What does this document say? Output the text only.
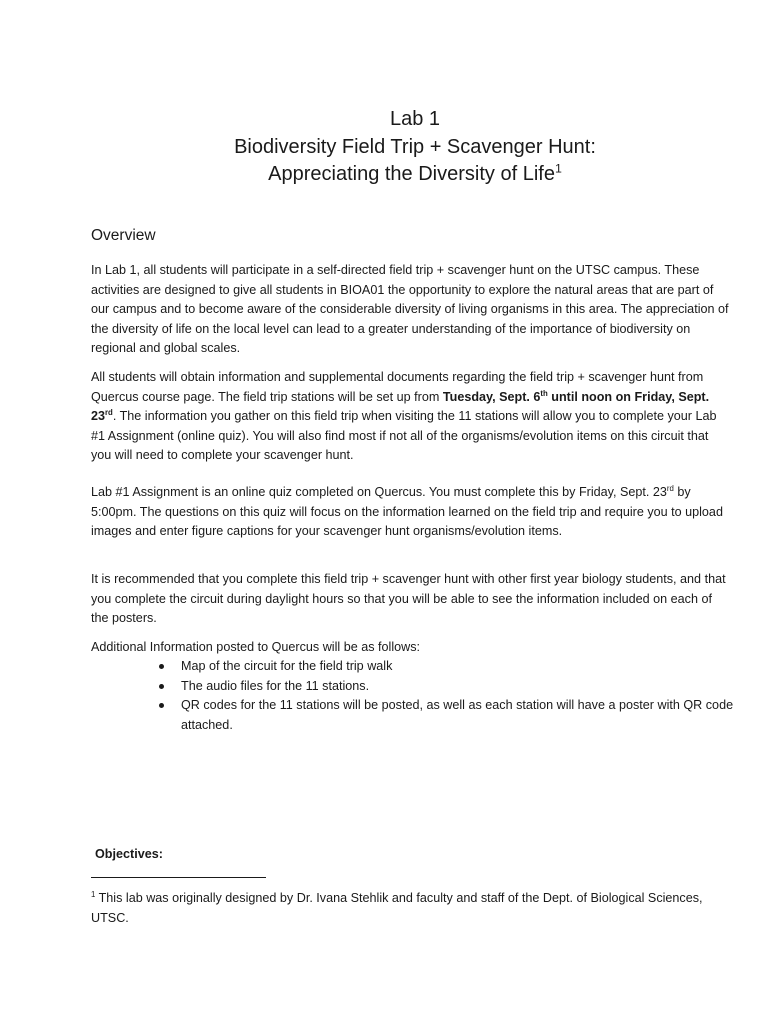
Lab 1
Biodiversity Field Trip + Scavenger Hunt:
Appreciating the Diversity of Life$^1$
Overview

In Lab 1, all students will participate in a self-directed field trip + scavenger hunt on the UTSC campus. These activities are designed to give all students in BIOA01 the opportunity to explore the natural areas that are part of our campus and to become aware of the considerable diversity of living organisms in this area. The appreciation of the diversity of life on the local level can lead to a greater understanding of the importance of biodiversity on regional and global scales.

All students will obtain information and supplemental documents regarding the field trip + scavenger hunt from Quercus course page. The field trip stations will be set up from Tuesday, Sept. 6th until noon on Friday, Sept. 23rd. The information you gather on this field trip when visiting the 11 stations will allow you to complete your Lab #1 Assignment (online quiz). You will also find most if not all of the organisms/evolution items on this circuit that you will need to complete your scavenger hunt.

Lab #1 Assignment is an online quiz completed on Quercus. You must complete this by Friday, Sept. 23rd by 5:00pm. The questions on this quiz will focus on the information learned on the field trip and require you to upload images and enter figure captions for your scavenger hunt organisms/evolution items.

It is recommended that you complete this field trip + scavenger hunt with other first year biology students, and that you complete the circuit during daylight hours so that you will be able to see the information included on each of the posters.

Additional Information posted to Quercus will be as follows:

Map of the circuit for the field trip walk
The audio files for the 11 stations.
QR codes for the 11 stations will be posted, as well as each station will have a poster with QR code attached.
Objectives:
$^1$ This lab was originally designed by Dr. Ivana Stehlik and faculty and staff of the Dept. of Biological Sciences, UTSC.
